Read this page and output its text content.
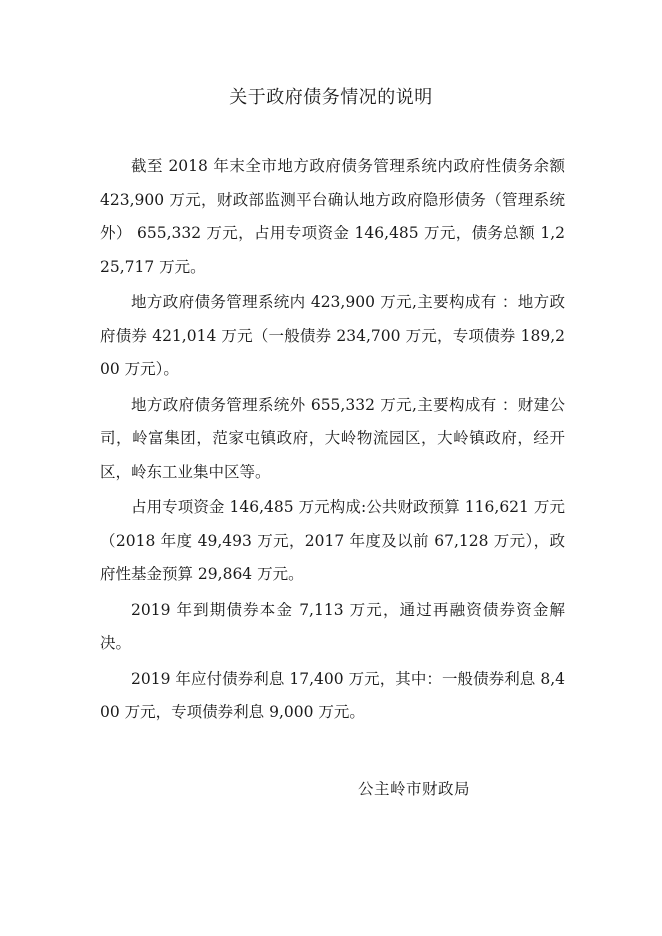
关于政府债务情况的说明

截至 2018 年末全市地方政府债务管理系统内政府性债务余额 423,900 万元，财政部监测平台确认地方政府隐形债务（管理系统外） 655,332 万元，占用专项资金 146,485 万元，债务总额 1,225,717 万元。

地方政府债务管理系统内 423,900 万元,主要构成有 ：地方政府债券 421,014 万元（一般债券 234,700 万元，专项债券 189,200 万元）。

地方政府债务管理系统外 655,332 万元,主要构成有 ：财建公司，岭富集团，范家屯镇政府，大岭物流园区，大岭镇政府，经开区，岭东工业集中区等。

占用专项资金 146,485 万元构成:公共财政预算 116,621 万元（2018 年度 49,493 万元，2017 年度及以前 67,128 万元），政府性基金预算 29,864 万元。

2019 年到期债券本金 7,113 万元，通过再融资债券资金解决。

2019 年应付债券利息 17,400 万元，其中：一般债券利息 8,400 万元，专项债券利息 9,000 万元。

公主岭市财政局
